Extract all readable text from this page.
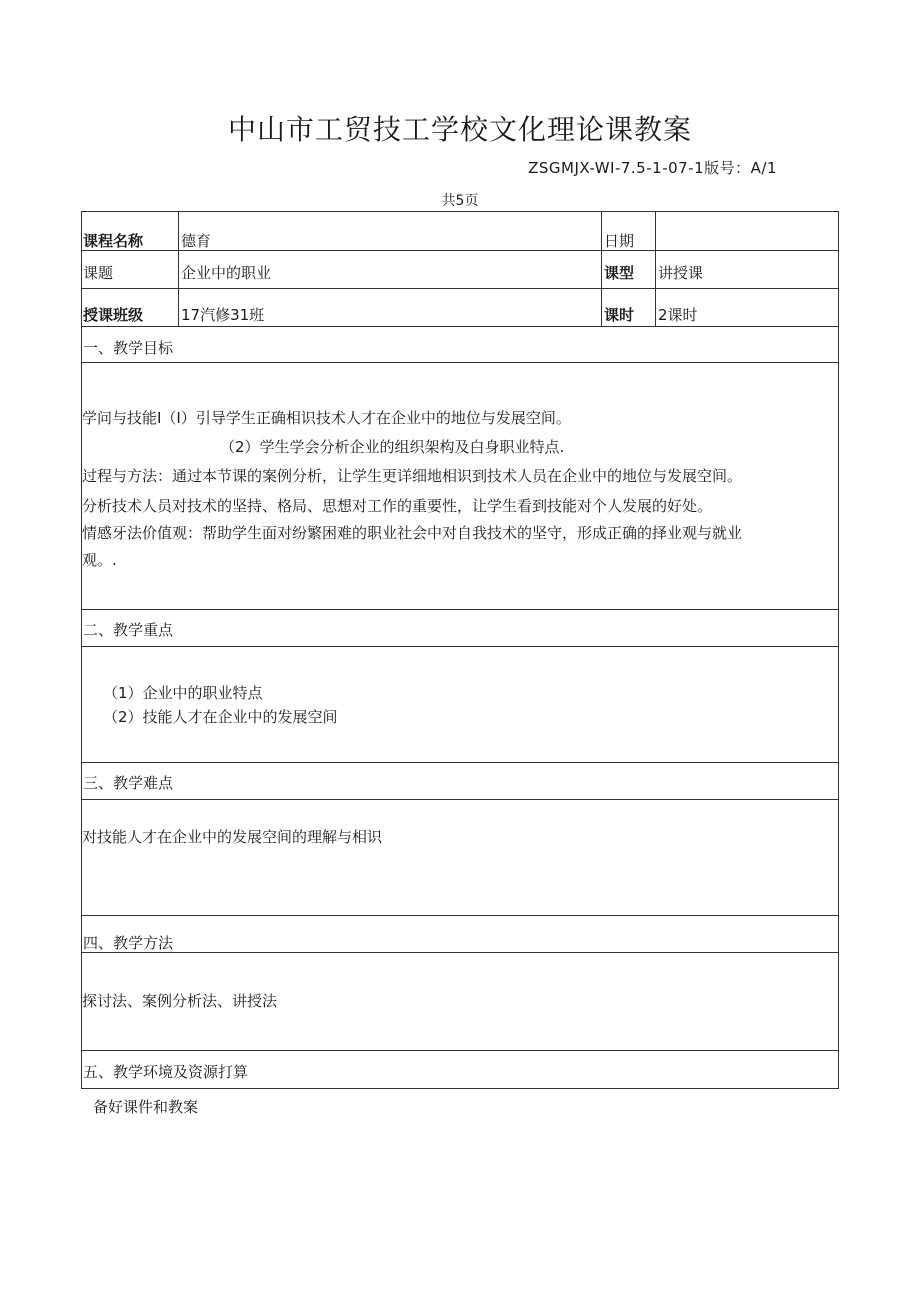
中山市工贸技工学校文化理论课教案
ZSGMJX-WI-7.5-1-07-1版号：A/1
共5页
课程名称	德育	日期
课题	企业中的职业	课型 讲授课
授课班级	17汽修31班	课时 2课时
一、教学目标
学问与技能I（I）引导学生正确相识技术人才在企业中的地位与发展空间。
（2）学生学会分析企业的组织架构及白身职业特点.
过程与方法：通过本节课的案例分析，让学生更详细地相识到技术人员在企业中的地位与发展空间。
分析技术人员对技术的坚持、格局、思想对工作的重要性，让学生看到技能对个人发展的好处。
情感牙法价值观：帮助学生面对纷繁困难的职业社会中对自我技术的坚守，形成正确的择业观与就业
观。.
二、教学重点
（1）企业中的职业特点
（2）技能人才在企业中的发展空间
三、教学难点
对技能人才在企业中的发展空间的理解与相识
四、教学方法
探讨法、案例分析法、讲授法
五、教学环境及资源打算
备好课件和教案
